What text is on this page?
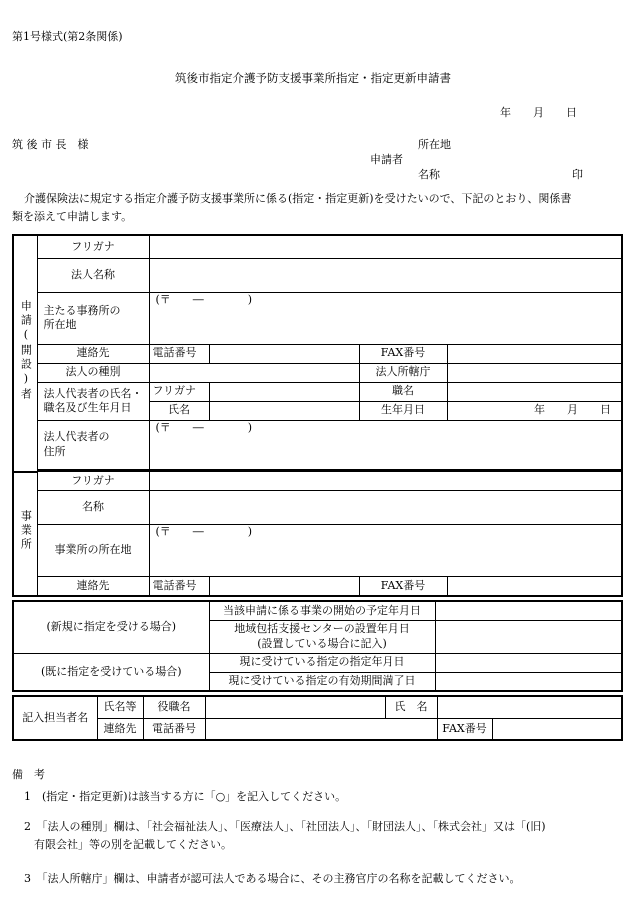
第1号様式(第2条関係)
筑後市指定介護予防支援事業所指定・指定更新申請書
年　　月　　日
筑 後 市 長　様	所在地
申請者
名称	印
介護保険法に規定する指定介護予防支援事業所に係る(指定・指定更新)を受けたいので、下記のとおり、関係書
類を添えて申請します。
申請(開設)者	フリガナ				
	法人名称				

	主たる事務所の
所在地	(〒　　―　　　　)			
	連絡先	電話番号		FAX番号	
	法人の種別			法人所轄庁	

	法人代表者の氏名・
職名及び生年月日	フリガナ		職名	
		氏名		生年月日	年　　月　　日

	法人代表者の
住所	(〒　　―　　　　)			

事業所	フリガナ				
	名称				
	事業所の所在地	(〒　　―　　　　)			
	連絡先	電話番号		FAX番号	
(新規に指定を受ける場合)	当該申請に係る事業の開始の予定年月日	

	地域包括支援センターの設置年月日
(設置している場合に記入)	

(既に指定を受けている場合)	現に受けている指定の指定年月日	
	現に受けている指定の有効期間満了日	
記入担当者名	氏名等	役職名		氏　名		
	連絡先	電話番号			FAX番号	
備　考
1　(指定・指定更新)は該当する方に「○」を記入してください。
2　「法人の種別」欄は、「社会福祉法人」、「医療法人」、「社団法人」、「財団法人」、「株式会社」又は「(旧)
有限会社」等の別を記載してください。
3　「法人所轄庁」欄は、申請者が認可法人である場合に、その主務官庁の名称を記載してください。
